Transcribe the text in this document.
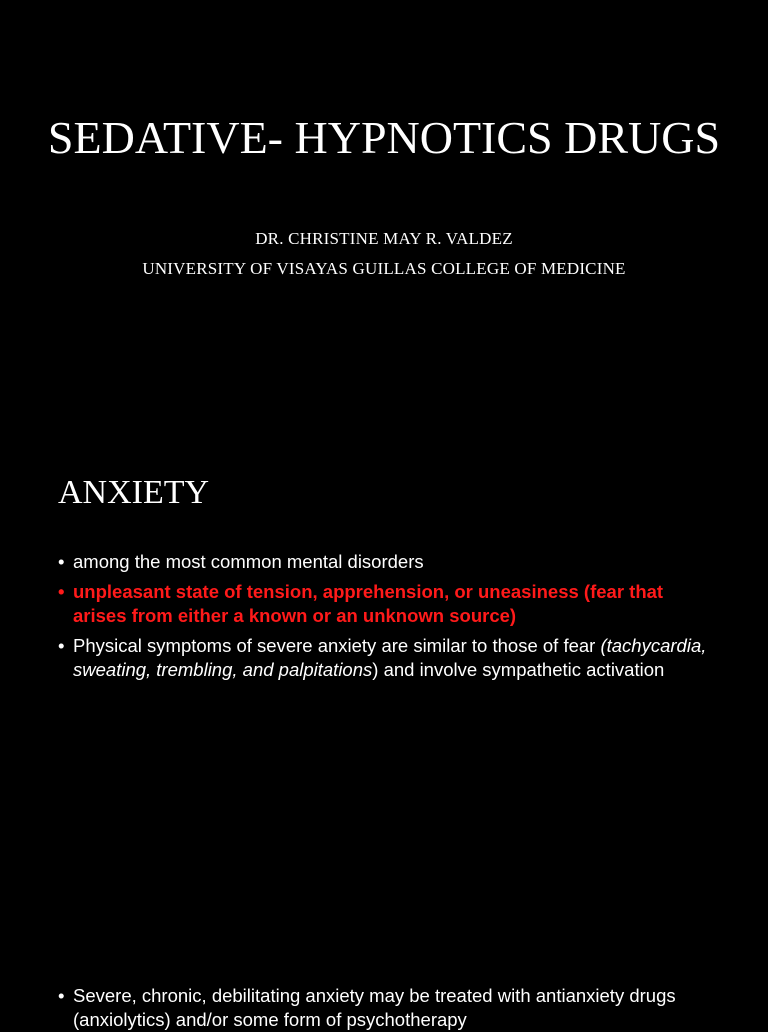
SEDATIVE- HYPNOTICS DRUGS

DR. CHRISTINE MAY R. VALDEZ

UNIVERSITY OF VISAYAS GUILLAS COLLEGE OF MEDICINE

ANXIETY
• among the most common mental disorders
• unpleasant state of tension, apprehension, or uneasiness (fear that arises from either a known or an unknown source)
• Physical symptoms of severe anxiety are similar to those of fear (tachycardia, sweating, trembling, and palpitations) and involve sympathetic activation
• Severe, chronic, debilitating anxiety may be treated with antianxiety drugs (anxiolytics) and/or some form of psychotherapy
